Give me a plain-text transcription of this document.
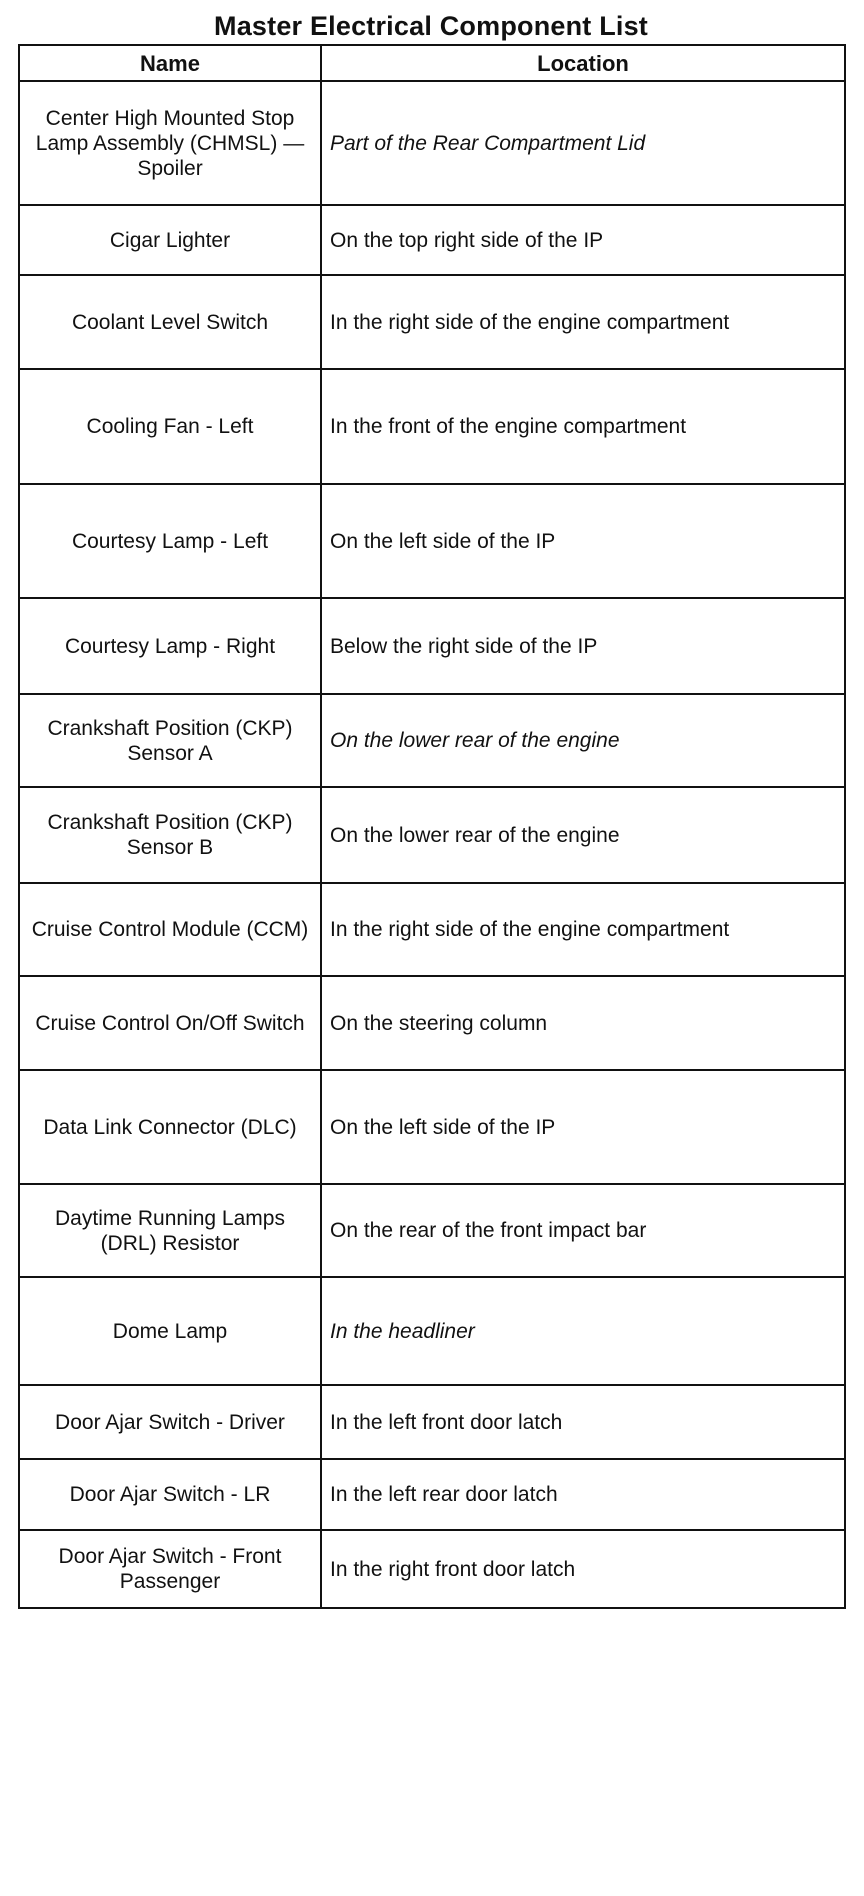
Master Electrical Component List
Name	Location
Center High Mounted Stop Lamp Assembly (CHMSL) — Spoiler	Part of the Rear Compartment Lid
Cigar Lighter	On the top right side of the IP
Coolant Level Switch	In the right side of the engine compartment
Cooling Fan - Left	In the front of the engine compartment
Courtesy Lamp - Left	On the left side of the IP
Courtesy Lamp - Right	Below the right side of the IP
Crankshaft Position (CKP) Sensor A	On the lower rear of the engine
Crankshaft Position (CKP) Sensor B	On the lower rear of the engine
Cruise Control Module (CCM)	In the right side of the engine compartment
Cruise Control On/Off Switch	On the steering column
Data Link Connector (DLC)	On the left side of the IP
Daytime Running Lamps (DRL) Resistor	On the rear of the front impact bar
Dome Lamp	In the headliner
Door Ajar Switch - Driver	In the left front door latch
Door Ajar Switch - LR	In the left rear door latch
Door Ajar Switch - Front Passenger	In the right front door latch
